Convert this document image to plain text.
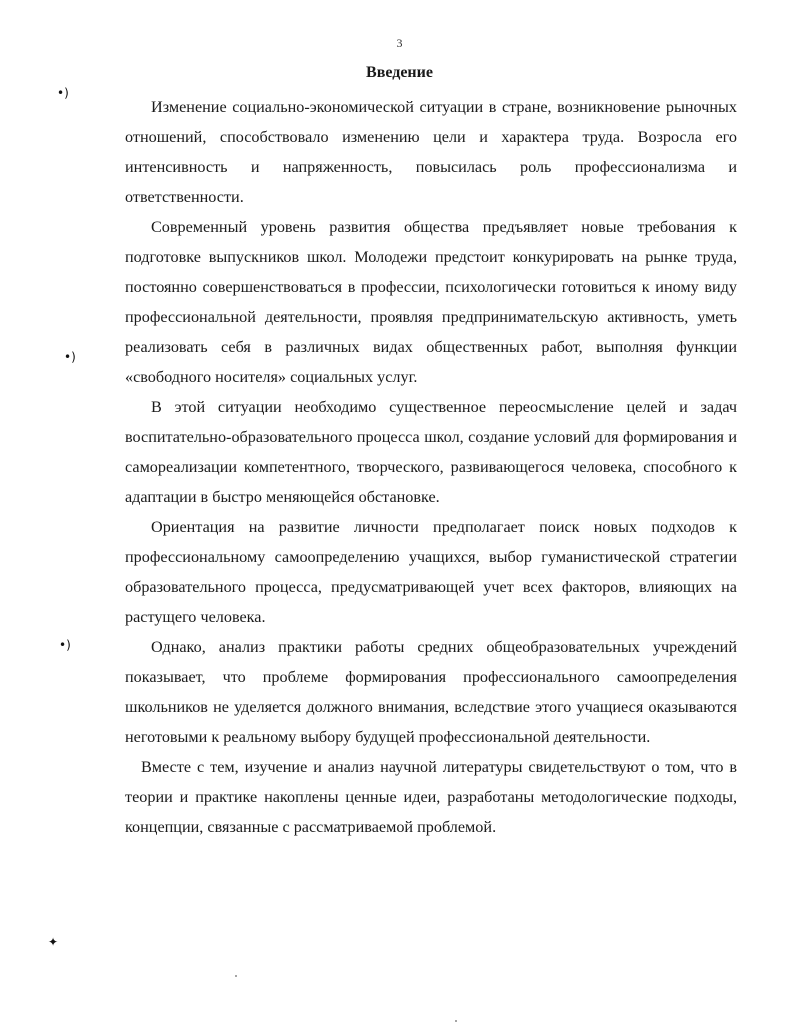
3
Введение

Изменение социально-экономической ситуации в стране, возникновение рыночных отношений, способствовало изменению цели и характера труда. Возросла его интенсивность и напряженность, повысилась роль профессионализма и ответственности.

Современный уровень развития общества предъявляет новые требования к подготовке выпускников школ. Молодежи предстоит конкурировать на рынке труда, постоянно совершенствоваться в профессии, психологически готовиться к иному виду профессиональной деятельности, проявляя предпринимательскую активность, уметь реализовать себя в различных видах общественных работ, выполняя функции «свободного носителя» социальных услуг.

В этой ситуации необходимо существенное переосмысление целей и задач воспитательно-образовательного процесса школ, создание условий для формирования и самореализации компетентного, творческого, развивающегося человека, способного к адаптации в быстро меняющейся обстановке.

Ориентация на развитие личности предполагает поиск новых подходов к профессиональному самоопределению учащихся, выбор гуманистической стратегии образовательного процесса, предусматривающей учет всех факторов, влияющих на растущего человека.

Однако, анализ практики работы средних общеобразовательных учреждений показывает, что проблеме формирования профессионального самоопределения школьников не уделяется должного внимания, вследствие этого учащиеся оказываются неготовыми к реальному выбору будущей профессиональной деятельности.

Вместе с тем, изучение и анализ научной литературы свидетельствуют о том, что в теории и практике накоплены ценные идеи, разработаны методологические подходы, концепции, связанные с рассматриваемой проблемой.

•)
•)
•)
✦
